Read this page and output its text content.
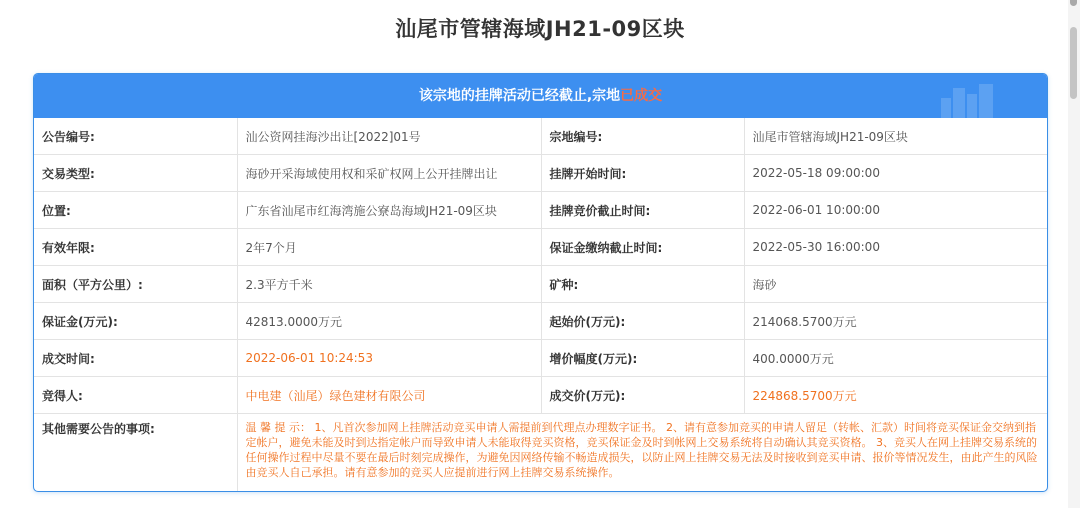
汕尾市管辖海域JH21-09区块
该宗地的挂牌活动已经截止,宗地已成交
公告编号:	汕公资网挂海沙出让[2022]01号	宗地编号:	汕尾市管辖海域JH21-09区块
交易类型:	海砂开采海域使用权和采矿权网上公开挂牌出让	挂牌开始时间:	2022-05-18 09:00:00
位置:	广东省汕尾市红海湾施公寮岛海域JH21-09区块	挂牌竞价截止时间:	2022-06-01 10:00:00
有效年限:	2年7个月	保证金缴纳截止时间:	2022-05-30 16:00:00
面积（平方公里）:	2.3平方千米	矿种:	海砂
保证金(万元):	42813.0000万元	起始价(万元):	214068.5700万元
成交时间:	2022-06-01 10:24:53	增价幅度(万元):	400.0000万元
竞得人:	中电建（汕尾）绿色建材有限公司	成交价(万元):	224868.5700万元
其他需要公告的事项:	温 馨 提 示： 1、凡首次参加网上挂牌活动竞买申请人需提前到代理点办理数字证书。 2、请有意参加竞买的申请人留足（转帐、汇款）时间将竞买保证金交纳到指定帐户，避免未能及时到达指定帐户而导致申请人未能取得竞买资格，竞买保证金及时到帐网上交易系统将自动确认其竞买资格。 3、竞买人在网上挂牌交易系统的任何操作过程中尽量不要在最后时刻完成操作，为避免因网络传输不畅造成损失，以防止网上挂牌交易无法及时接收到竞买申请、报价等情况发生，由此产生的风险由竞买人自己承担。请有意参加的竞买人应提前进行网上挂牌交易系统操作。		
